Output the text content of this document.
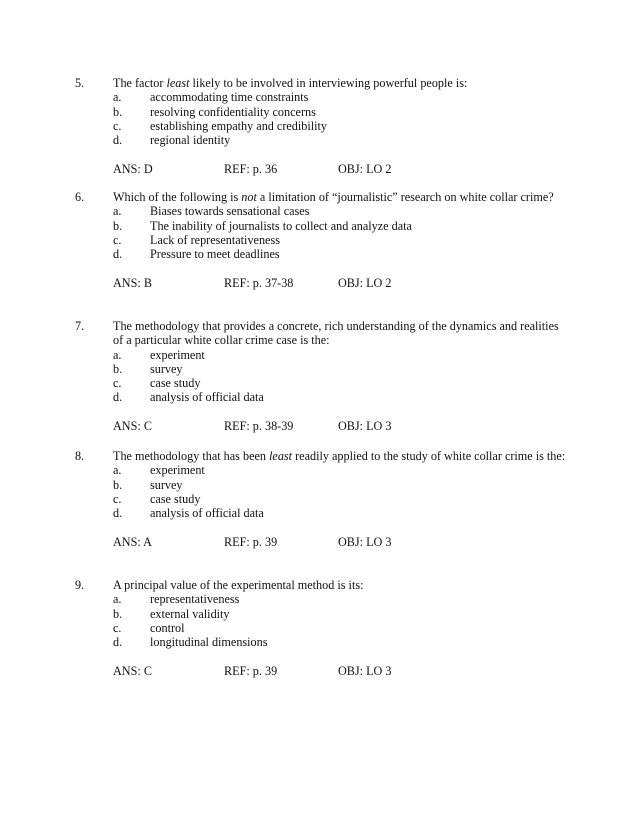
5. The factor least likely to be involved in interviewing powerful people is:

a.	accommodating time constraints
b.	resolving confidentiality concerns
c.	establishing empathy and credibility
d.	regional identity
ANS: D	REF: p. 36	OBJ: LO 2
6. Which of the following is not a limitation of “journalistic” research on white collar crime?

a.	Biases towards sensational cases
b.	The inability of journalists to collect and analyze data
c.	Lack of representativeness
d.	Pressure to meet deadlines
ANS: B	REF: p. 37-38	OBJ: LO 2
7. The methodology that provides a concrete, rich understanding of the dynamics and realities of a particular white collar crime case is the:

a.	experiment
b.	survey
c.	case study
d.	analysis of official data
ANS: C	REF: p. 38-39	OBJ: LO 3
8. The methodology that has been least readily applied to the study of white collar crime is the:

a.	experiment
b.	survey
c.	case study
d.	analysis of official data
ANS: A	REF: p. 39	OBJ: LO 3
9. A principal value of the experimental method is its:

a.	representativeness
b.	external validity
c.	control
d.	longitudinal dimensions
ANS: C	REF: p. 39	OBJ: LO 3
